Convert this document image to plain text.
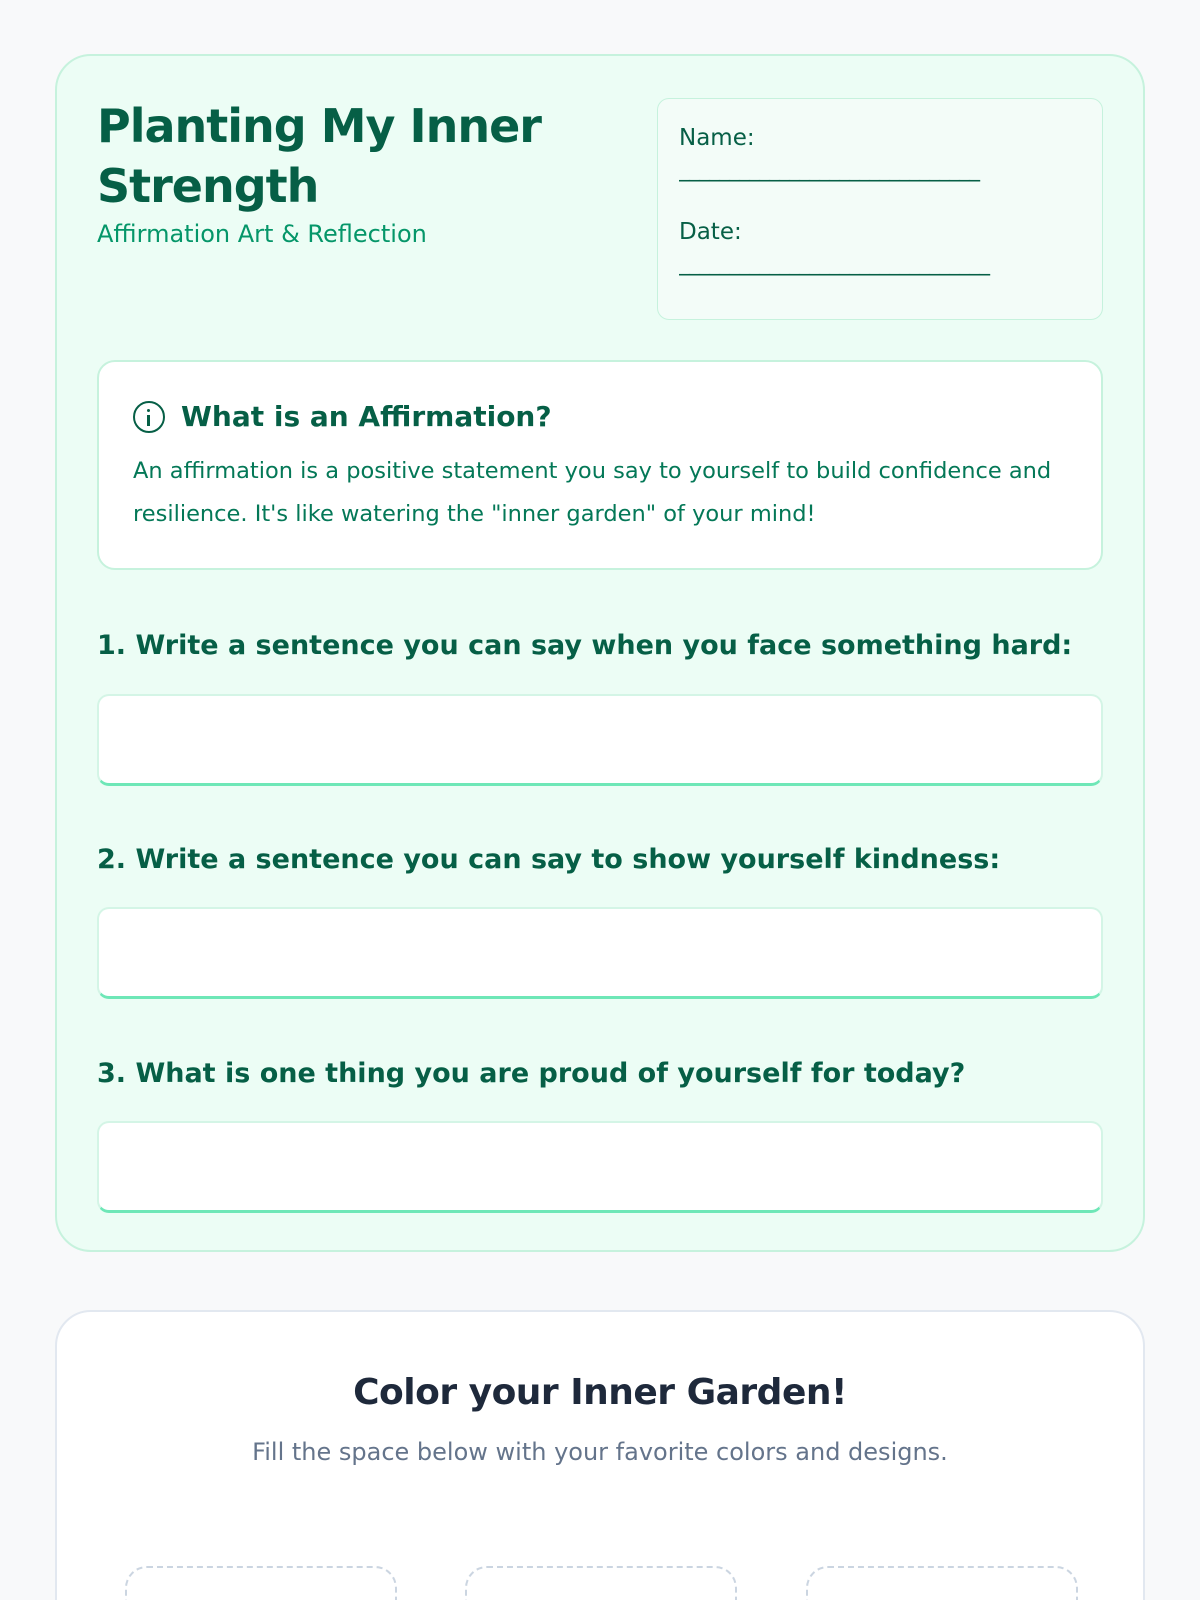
Planting My Inner Strength
Affirmation Art & Reflection
Name:
______________________________
Date:
_______________________________
What is an Affirmation?

An affirmation is a positive statement you say to yourself to build confidence and resilience. It's like watering the "inner garden" of your mind!

1. Write a sentence you can say when you face something hard:
2. Write a sentence you can say to show yourself kindness:
3. What is one thing you are proud of yourself for today?
Color your Inner Garden!
Fill the space below with your favorite colors and designs.
